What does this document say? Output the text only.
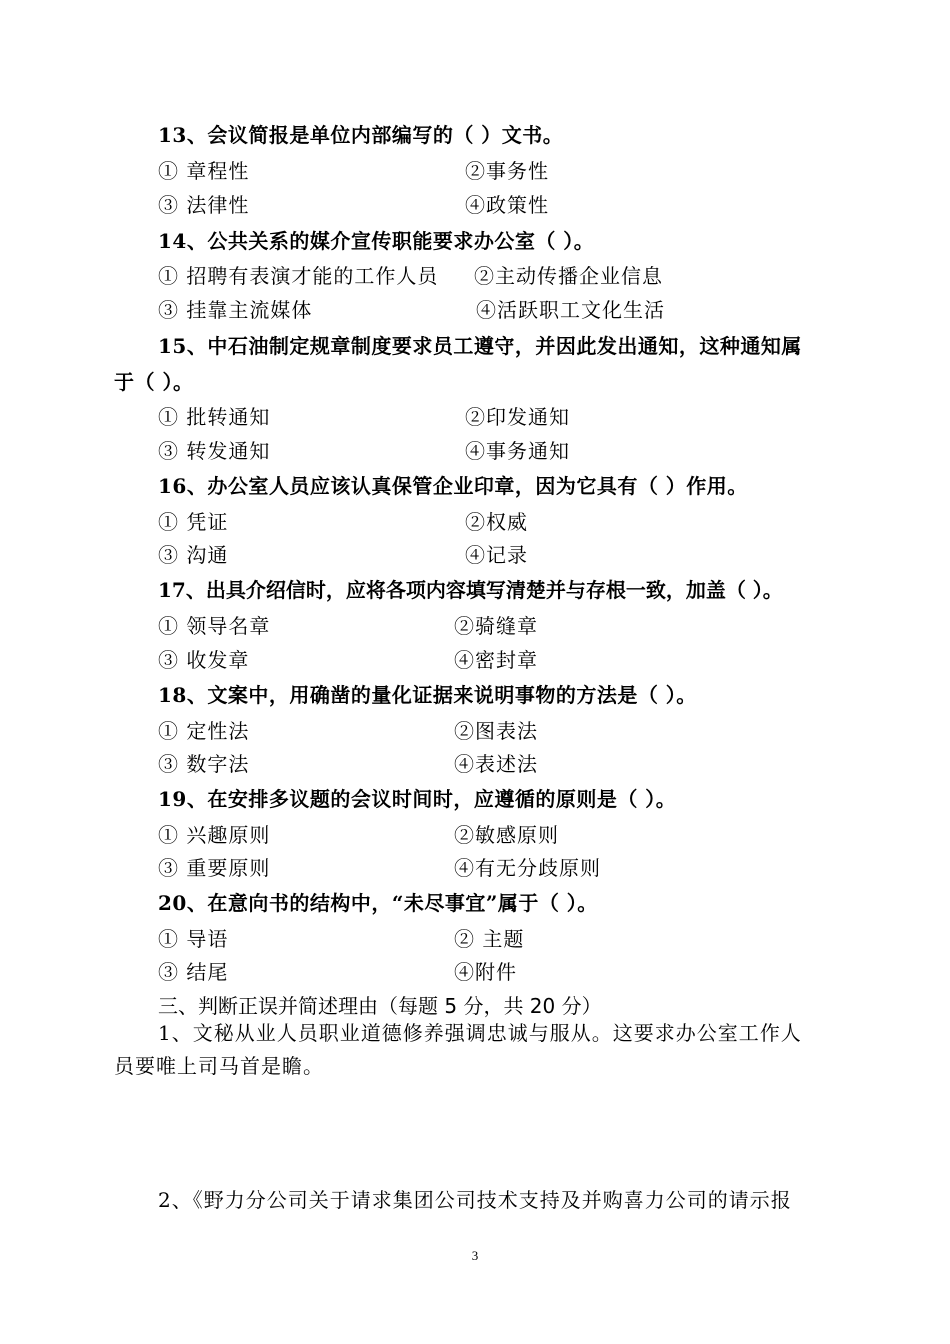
13、会议简报是单位内部编写的（ ）文书。
① 章程性	②事务性
③ 法律性	④政策性
14、公共关系的媒介宣传职能要求办公室（ ）。
① 招聘有表演才能的工作人员 ②主动传播企业信息
③ 挂靠主流媒体	④活跃职工文化生活
15、中石油制定规章制度要求员工遵守，并因此发出通知，这种通知属
于（ ）。
① 批转通知	②印发通知
③ 转发通知	④事务通知
16、办公室人员应该认真保管企业印章，因为它具有（ ）作用。
① 凭证	②权威
③ 沟通	④记录
17、出具介绍信时，应将各项内容填写清楚并与存根一致，加盖（ ）。
① 领导名章	②骑缝章
③ 收发章	④密封章
18、文案中，用确凿的量化证据来说明事物的方法是（ ）。
① 定性法	②图表法
③ 数字法	④表述法
19、在安排多议题的会议时间时，应遵循的原则是（ ）。
① 兴趣原则	②敏感原则
③ 重要原则	④有无分歧原则
20、在意向书的结构中，“未尽事宜”属于（ ）。
① 导语	② 主题
③ 结尾	④附件
三、判断正误并简述理由（每题 5 分，共 20 分）
1、文秘从业人员职业道德修养强调忠诚与服从。这要求办公室工作人
员要唯上司马首是瞻。
2、《野力分公司关于请求集团公司技术支持及并购喜力公司的请示报
3
